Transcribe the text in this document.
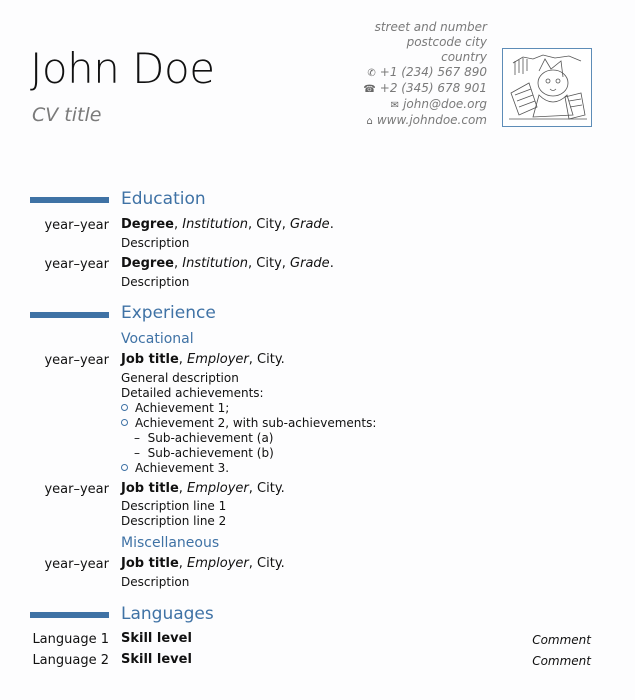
John Doe
CV title
street and number
postcode city
country
✆ +1 (234) 567 890
☎ +2 (345) 678 901
✉ john@doe.org
⌂ www.johndoe.com
Education
year–year Degree, Institution, City, Grade.
Description
year–year Degree, Institution, City, Grade.
Description
Experience
Vocational
year–year Job title, Employer, City.
General description
Detailed achievements:
Achievement 1;
Achievement 2, with sub-achievements:
–  Sub-achievement (a)
–  Sub-achievement (b)
Achievement 3.
year–year Job title, Employer, City.
Description line 1
Description line 2
Miscellaneous
year–year Job title, Employer, City.
Description
Languages
Language 1 Skill level	Comment
Language 2 Skill level	Comment
